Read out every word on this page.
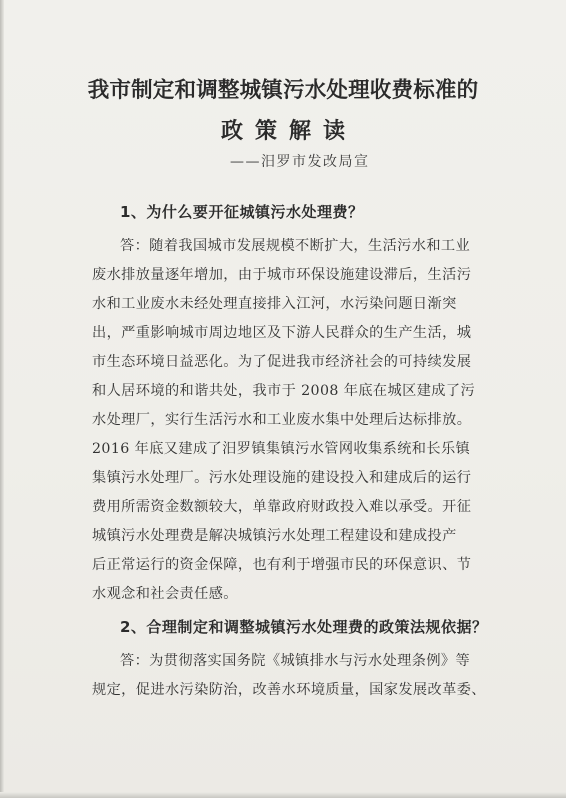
我市制定和调整城镇污水处理收费标准的
政策解读
——汨罗市发改局宣
1、为什么要开征城镇污水处理费？
答：随着我国城市发展规模不断扩大，生活污水和工业
废水排放量逐年增加，由于城市环保设施建设滞后，生活污
水和工业废水未经处理直接排入江河，水污染问题日渐突
出，严重影响城市周边地区及下游人民群众的生产生活，城
市生态环境日益恶化。为了促进我市经济社会的可持续发展
和人居环境的和谐共处，我市于 2008 年底在城区建成了污
水处理厂，实行生活污水和工业废水集中处理后达标排放。
2016 年底又建成了汨罗镇集镇污水管网收集系统和长乐镇
集镇污水处理厂。污水处理设施的建设投入和建成后的运行
费用所需资金数额较大，单靠政府财政投入难以承受。开征
城镇污水处理费是解决城镇污水处理工程建设和建成投产
后正常运行的资金保障，也有利于增强市民的环保意识、节
水观念和社会责任感。
2、合理制定和调整城镇污水处理费的政策法规依据？
答：为贯彻落实国务院《城镇排水与污水处理条例》等
规定，促进水污染防治，改善水环境质量，国家发展改革委、
